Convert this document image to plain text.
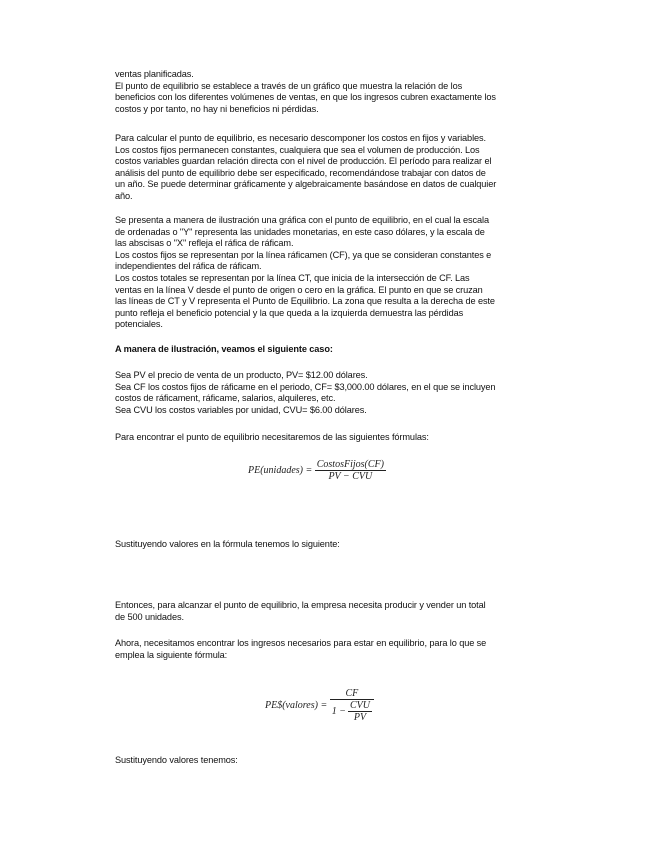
ventas planificadas.
El punto de equilibrio se establece a través de un gráfico que muestra la relación de los
beneficios con los diferentes volúmenes de ventas, en que los ingresos cubren exactamente los
costos y por tanto, no hay ni beneficios ni pérdidas.
Para calcular el punto de equilibrio, es necesario descomponer los costos en fijos y variables.
Los costos fijos permanecen constantes, cualquiera que sea el volumen de producción. Los
costos variables guardan relación directa con el nivel de producción. El período para realizar el
análisis del punto de equilibrio debe ser especificado, recomendándose trabajar con datos de
un año. Se puede determinar gráficamente y algebraicamente basándose en datos de cualquier
año.
Se presenta a manera de ilustración una gráfica con el punto de equilibrio, en el cual la escala
de ordenadas o "Y" representa las unidades monetarias, en este caso dólares, y la escala de
las abscisas o "X" refleja el ráfica de ráficam.
Los costos fijos se representan por la línea ráficamen (CF), ya que se consideran constantes e
independientes del ráfica de ráficam.
Los costos totales se representan por la línea CT, que inicia de la intersección de CF. Las
ventas en la línea V desde el punto de origen o cero en la gráfica. El punto en que se cruzan
las líneas de CT y V representa el Punto de Equilibrio. La zona que resulta a la derecha de este
punto refleja el beneficio potencial y la que queda a la izquierda demuestra las pérdidas
potenciales.
A manera de ilustración, veamos el siguiente caso:
Sea PV el precio de venta de un producto, PV= $12.00 dólares.
Sea CF los costos fijos de ráficame en el periodo, CF= $3,000.00 dólares, en el que se incluyen
costos de ráficament, ráficame, salarios, alquileres, etc.
Sea CVU los costos variables por unidad, CVU= $6.00 dólares.
Para encontrar el punto de equilibrio necesitaremos de las siguientes fórmulas:
PE(unidades) = $\frac{\text{CostosFijos(CF)}}{\text{PV − CVU}}$
Sustituyendo valores en la fórmula tenemos lo siguiente:
Entonces, para alcanzar el punto de equilibrio, la empresa necesita producir y vender un total
de 500 unidades.
Ahora, necesitamos encontrar los ingresos necesarios para estar en equilibrio, para lo que se
emplea la siguiente fórmula:
PE$(valores) = $\frac{CF}{1 - \frac{\text{CVU}}{PV}}$
Sustituyendo valores tenemos:
